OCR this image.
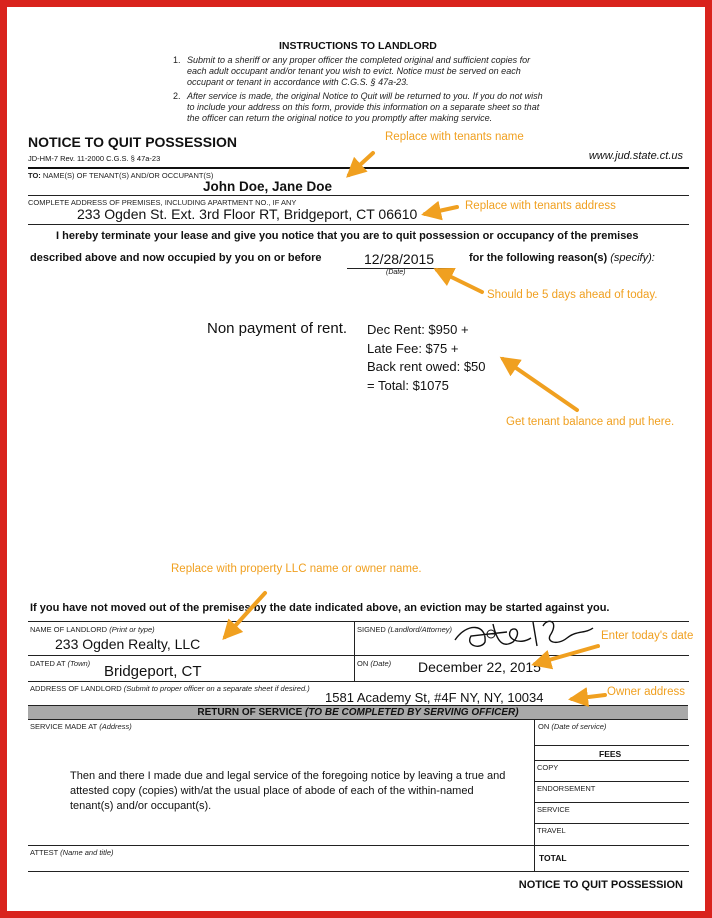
INSTRUCTIONS TO LANDLORD
1. Submit to a sheriff or any proper officer the completed original and sufficient copies for each adult occupant and/or tenant you wish to evict. Notice must be served on each occupant or tenant in accordance with C.G.S. § 47a-23.
2. After service is made, the original Notice to Quit will be returned to you. If you do not wish to include your address on this form, provide this information on a separate sheet so that the officer can return the original notice to you promptly after making service.
NOTICE TO QUIT POSSESSION
JD-HM-7 Rev. 11-2000 C.G.S. § 47a-23	www.jud.state.ct.us
TO: NAME(S) OF TENANT(S) AND/OR OCCUPANT(S)
John Doe, Jane Doe
COMPLETE ADDRESS OF PREMISES, INCLUDING APARTMENT NO., IF ANY
233 Ogden St. Ext. 3rd Floor RT, Bridgeport, CT 06610
I hereby terminate your lease and give you notice that you are to quit possession or occupancy of the premises
described above and now occupied by you on or before	12/28/2015
(Date)
for the following reason(s) (specify):
Non payment of rent. Dec Rent: $950 +
Late Fee: $75 +
Back rent owed: $50
= Total: $1075
If you have not moved out of the premises by the date indicated above, an eviction may be started against you.
NAME OF LANDLORD (Print or type)
233 Ogden Realty, LLC
SIGNED (Landlord/Attorney)
DATED AT (Town) Bridgeport, CT	ON (Date) December 22, 2015
ADDRESS OF LANDLORD (Submit to proper officer on a separate sheet if desired.)
1581 Academy St, #4F NY, NY, 10034
RETURN OF SERVICE (TO BE COMPLETED BY SERVING OFFICER)
SERVICE MADE AT (Address)	ON (Date of service)
FEES
COPY
ENDORSEMENT
SERVICE
TRAVEL
TOTAL
Then and there I made due and legal service of the foregoing notice by leaving a true and attested copy (copies) with/at the usual place of abode of each of the within-named tenant(s) and/or occupant(s).
ATTEST (Name and title)
NOTICE TO QUIT POSSESSION
Replace with tenants name
Replace with tenants address
Should be 5 days ahead of today.
Get tenant balance and put here.
Replace with property LLC name or owner name.
Enter today's date
Owner address
